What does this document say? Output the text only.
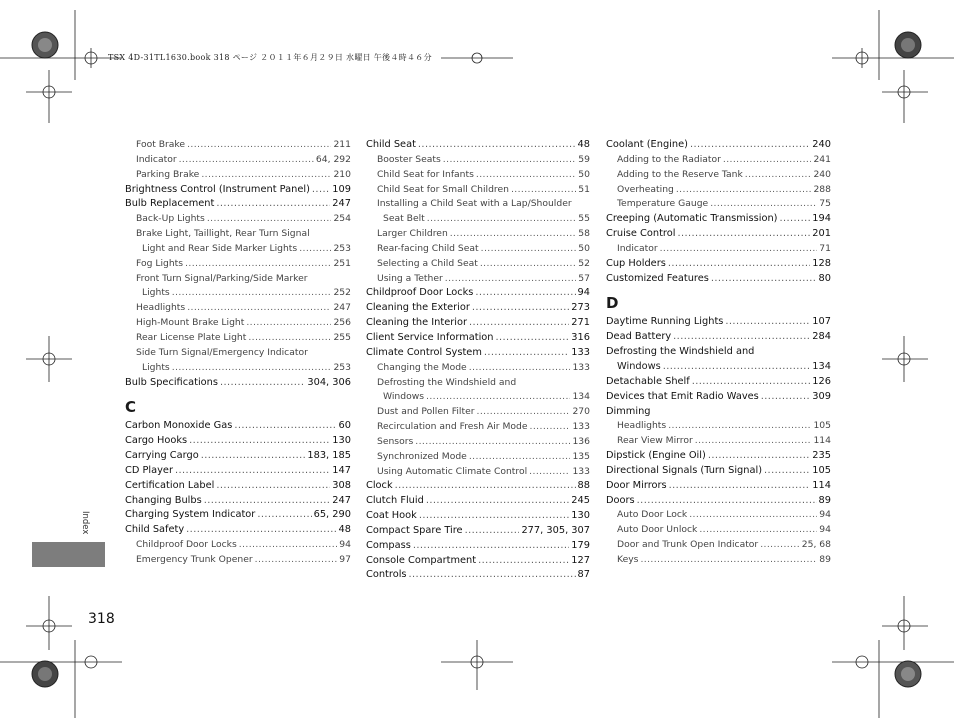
TSX 4D-31TL1630.book 318 ページ ２０１１年６月２９日 水曜日 午後４時４６分
Index
Foot Brake .....	211
Indicator .....	64, 292
Parking Brake .....	210
Brightness Control (Instrument Panel) ..... 109
Bulb Replacement .....	247
Back-Up Lights .....	254
Brake Light, Taillight, Rear Turn Signal
Light and Rear Side Marker Lights .....	253
Fog Lights .....	251
Front Turn Signal/Parking/Side Marker
Lights .....	252
Headlights .....	247
High-Mount Brake Light .....	256
Rear License Plate Light .....	255
Side Turn Signal/Emergency Indicator
Lights .....	253
Bulb Specifications .....	304, 306
C
Carbon Monoxide Gas .....	60
Cargo Hooks .....	130
Carrying Cargo .....	183, 185
CD Player .....	147
Certification Label .....	308
Changing Bulbs .....	247
Charging System Indicator .....	65, 290
Child Safety .....	48
Childproof Door Locks .....	94
Emergency Trunk Opener .....	97
Child Seat .....	48
Booster Seats .....	59
Child Seat for Infants .....	50
Child Seat for Small Children .....	51
Installing a Child Seat with a Lap/Shoulder
Seat Belt .....	55
Larger Children .....	58
Rear-facing Child Seat .....	50
Selecting a Child Seat .....	52
Using a Tether .....	57
Childproof Door Locks .....	94
Cleaning the Exterior .....	273
Cleaning the Interior .....	271
Client Service Information .....	316
Climate Control System .....	133
Changing the Mode .....	133
Defrosting the Windshield and
Windows .....	134
Dust and Pollen Filter .....	270
Recirculation and Fresh Air Mode .....	133
Sensors .....	136
Synchronized Mode .....	135
Using Automatic Climate Control .....	133
Clock .....	88
Clutch Fluid .....	245
Coat Hook .....	130
Compact Spare Tire .....	277, 305, 307
Compass .....	179
Console Compartment .....	127
Controls .....	87
Coolant (Engine) .....	240
Adding to the Radiator .....	241
Adding to the Reserve Tank .....	240
Overheating .....	288
Temperature Gauge .....	75
Creeping (Automatic Transmission) .....	194
Cruise Control .....	201
Indicator .....	71
Cup Holders .....	128
Customized Features .....	80
D
Daytime Running Lights .....	107
Dead Battery .....	284
Defrosting the Windshield and
Windows .....	134
Detachable Shelf .....	126
Devices that Emit Radio Waves .....	309
Dimming
Headlights .....	105
Rear View Mirror .....	114
Dipstick (Engine Oil) .....	235
Directional Signals (Turn Signal) .....	105
Door Mirrors .....	114
Doors .....	89
Auto Door Lock .....	94
Auto Door Unlock .....	94
Door and Trunk Open Indicator .....	25, 68
Keys .....	89
318
